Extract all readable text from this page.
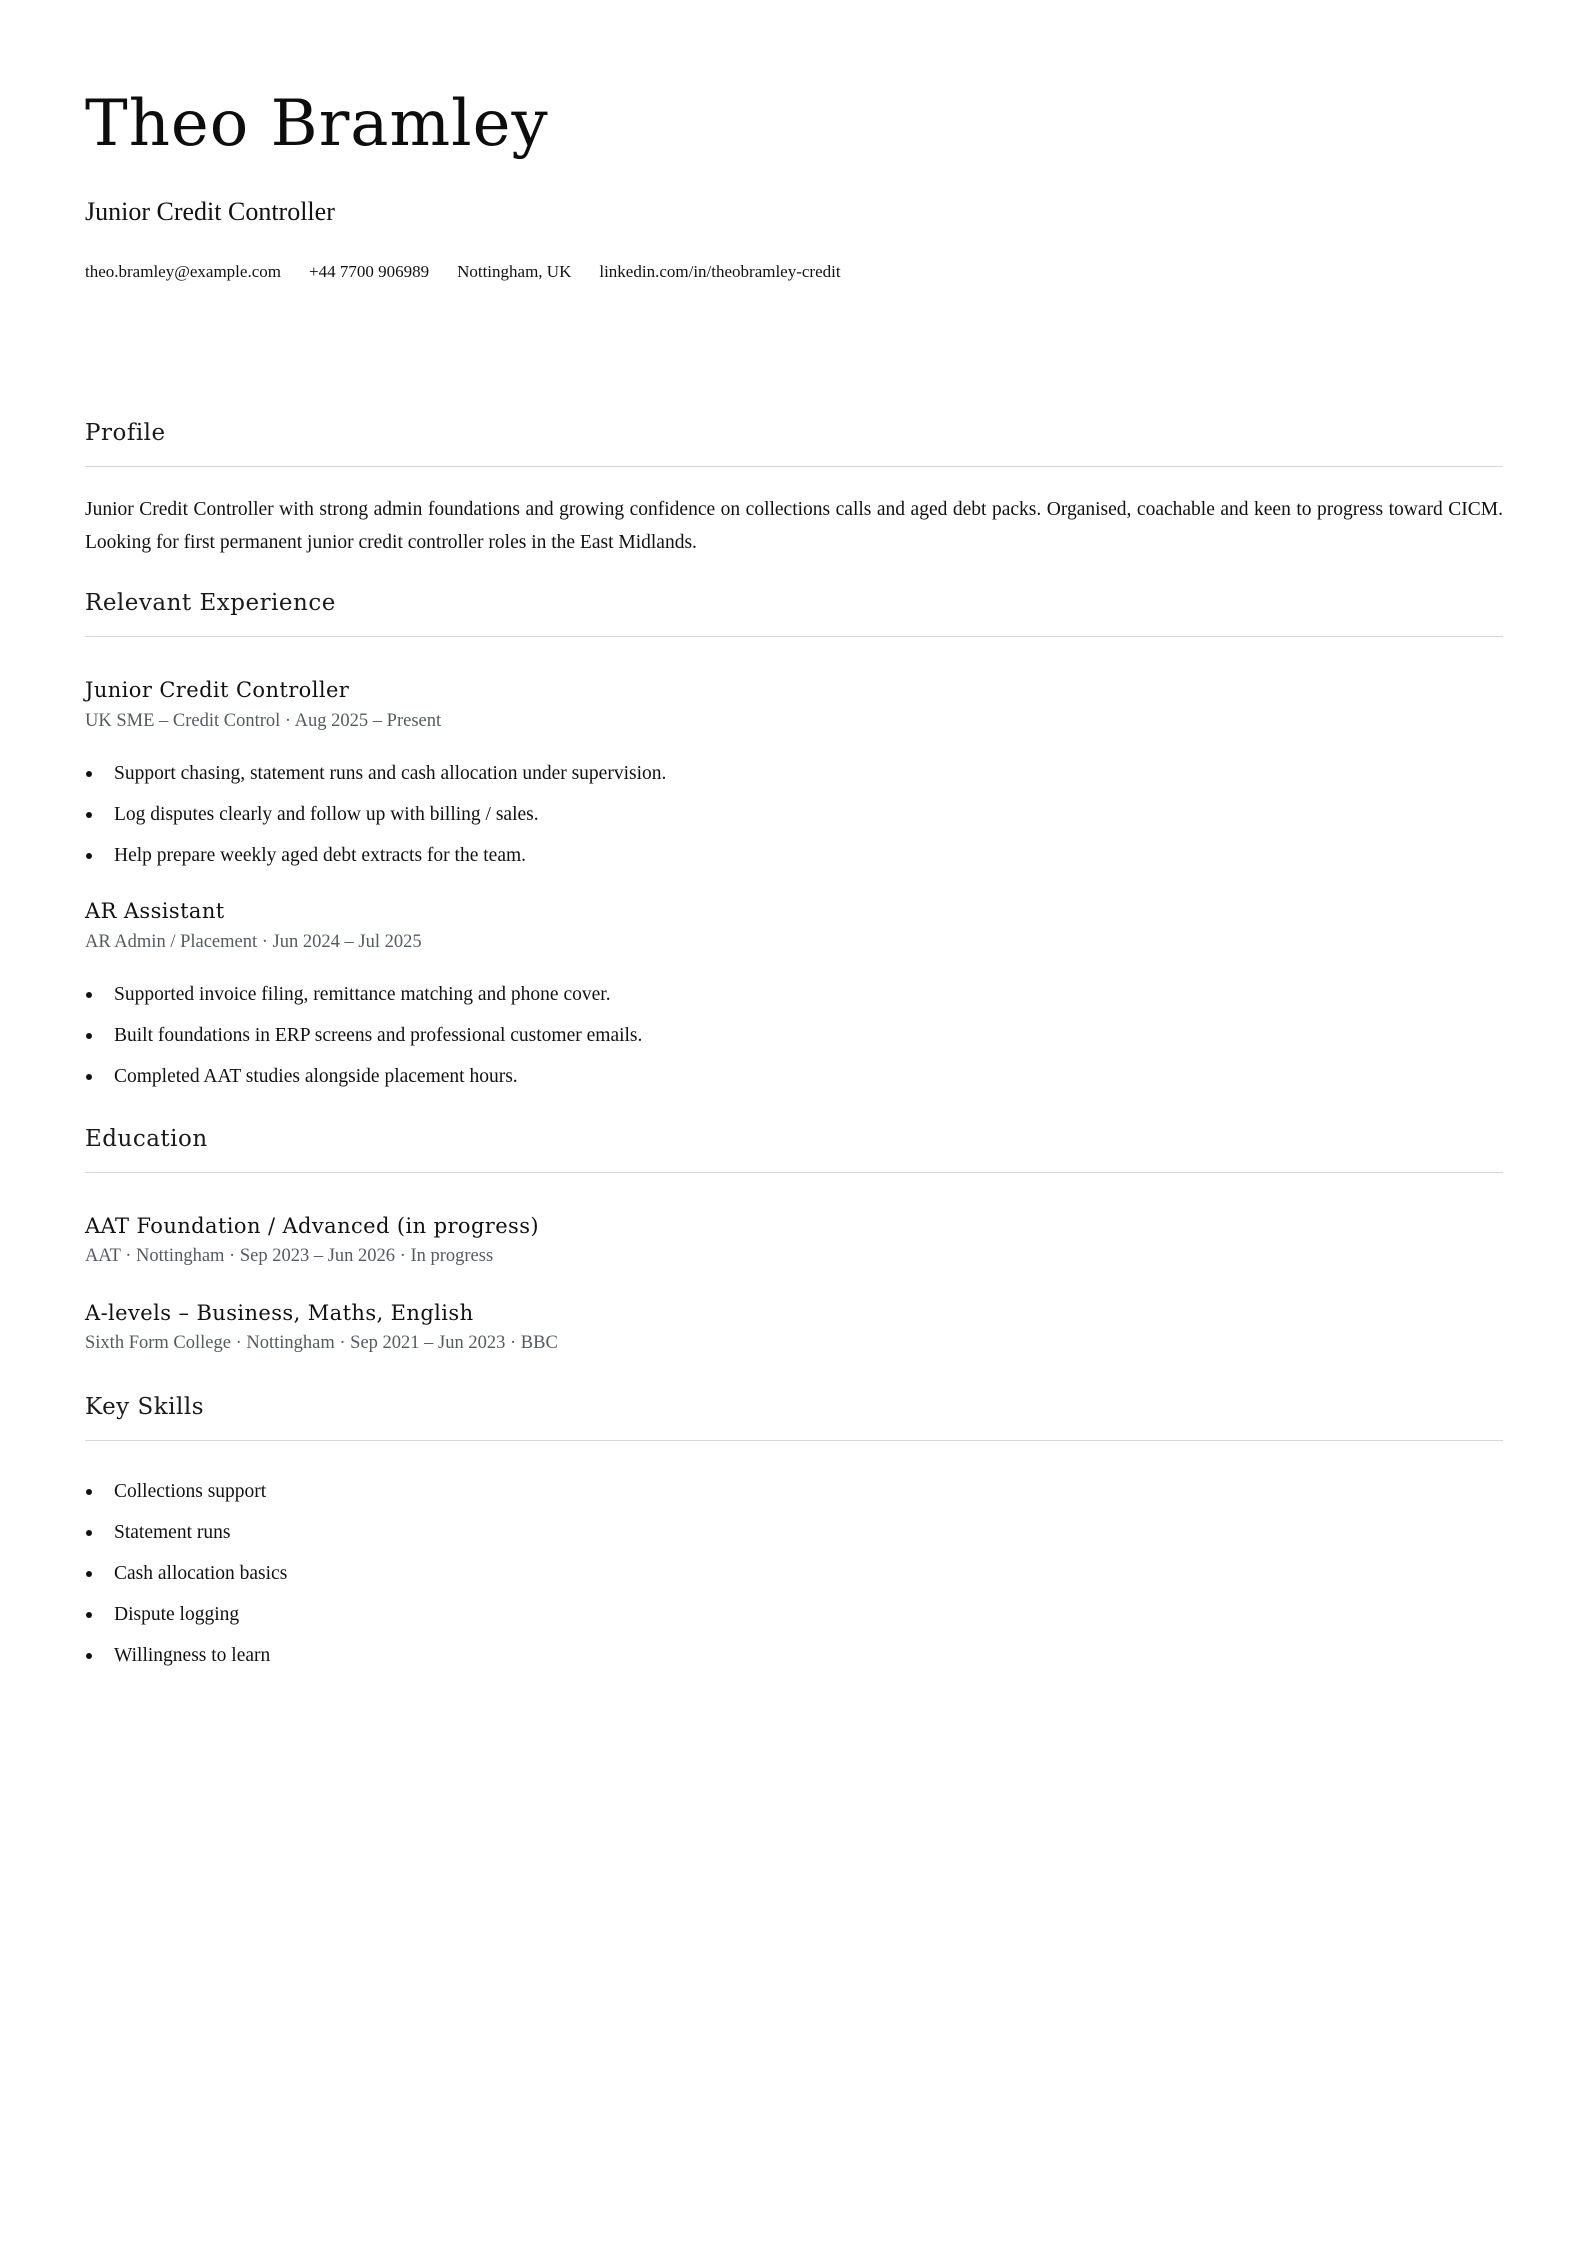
Theo Bramley
Junior Credit Controller
theo.bramley@example.com +44 7700 906989 Nottingham, UK linkedin.com/in/theobramley-credit
Profile

Junior Credit Controller with strong admin foundations and growing confidence on collections calls and aged debt packs. Organised, coachable and keen to progress toward CICM. Looking for first permanent junior credit controller roles in the East Midlands.

Relevant Experience
Junior Credit Controller
UK SME – Credit Control · Aug 2025 – Present
Support chasing, statement runs and cash allocation under supervision.
Log disputes clearly and follow up with billing / sales.
Help prepare weekly aged debt extracts for the team.
AR Assistant
AR Admin / Placement · Jun 2024 – Jul 2025
Supported invoice filing, remittance matching and phone cover.
Built foundations in ERP screens and professional customer emails.
Completed AAT studies alongside placement hours.
Education
AAT Foundation / Advanced (in progress)
AAT · Nottingham · Sep 2023 – Jun 2026 · In progress
A-levels – Business, Maths, English
Sixth Form College · Nottingham · Sep 2021 – Jun 2023 · BBC
Key Skills
Collections support
Statement runs
Cash allocation basics
Dispute logging
Willingness to learn
